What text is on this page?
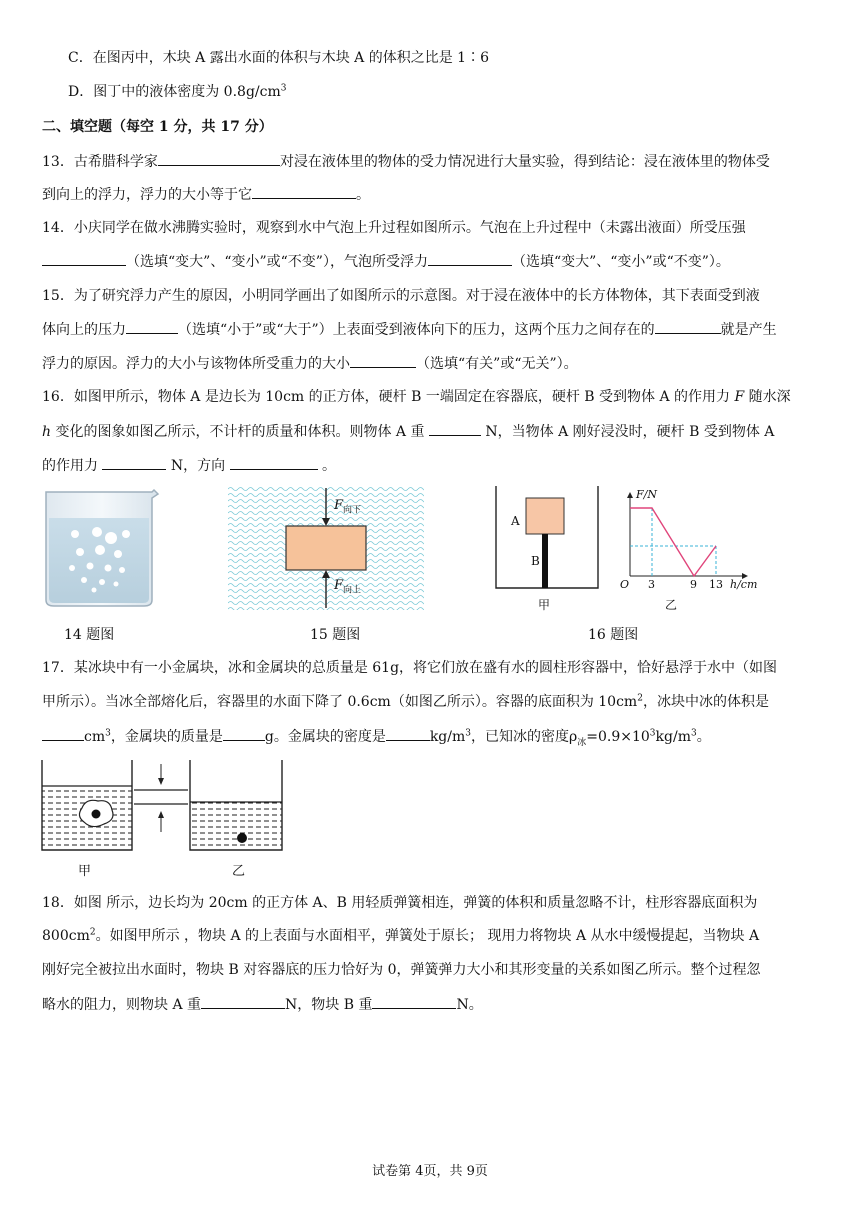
C．在图丙中，木块 A 露出水面的体积与木块 A 的体积之比是 1∶6
D．图丁中的液体密度为 $0.8g/cm^3$
二、填空题（每空 1 分，共 17 分）
13．古希腊科学家	对浸在液体里的物体的受力情况进行大量实验，得到结论：浸在液体里的物体受
到向上的浮力，浮力的大小等于它	。
14．小庆同学在做水沸腾实验时，观察到水中气泡上升过程如图所示。气泡在上升过程中（未露出液面）所受压强
（选填“变大”、“变小”或“不变”），气泡所受浮力	（选填“变大”、“变小”或“不变”）。
15．为了研究浮力产生的原因，小明同学画出了如图所示的示意图。对于浸在液体中的长方体物体，其下表面受到液
体向上的压力	（选填“小于”或“大于”）上表面受到液体向下的压力，这两个压力之间存在的	就是产生
浮力的原因。浮力的大小与该物体所受重力的大小	（选填“有关”或“无关”）。
16．如图甲所示，物体 A 是边长为 10cm 的正方体，硬杆 B 一端固定在容器底，硬杆 B 受到物体 A 的作用力 F 随水深
h 变化的图象如图乙所示，不计杆的质量和体积。则物体 A 重	N，当物体 A 刚好浸没时，硬杆 B 受到物体 A
的作用力	N，方向	。
$F_{向下}$
$F_{向上}$
A
B
甲
F/N
h/cm
O 3	9 13
乙
14 题图	15 题图	16 题图
17．某冰块中有一小金属块，冰和金属块的总质量是 61g，将它们放在盛有水的圆柱形容器中，恰好悬浮于水中（如图
甲所示）。当冰全部熔化后，容器里的水面下降了 0.6cm（如图乙所示）。容器的底面积为 $10cm^2$，冰块中冰的体积是
$cm^3$，金属块的质量是	g。金属块的密度是	$kg/m^3$，已知冰的密度$\rho_冰=0.9\times 10^3kg/m^3$。
甲	乙
18．如图 所示，边长均为 20cm 的正方体 A、B 用轻质弹簧相连，弹簧的体积和质量忽略不计，柱形容器底面积为
$800cm^2$。如图甲所示 ，物块 A 的上表面与水面相平，弹簧处于原长； 现用力将物块 A 从水中缓慢提起，当物块 A
刚好完全被拉出水面时，物块 B 对容器底的压力恰好为 0，弹簧弹力大小和其形变量的关系如图乙所示。整个过程忽
略水的阻力，则物块 A 重	N，物块 B 重	N。
试卷第 4页，共 9页
